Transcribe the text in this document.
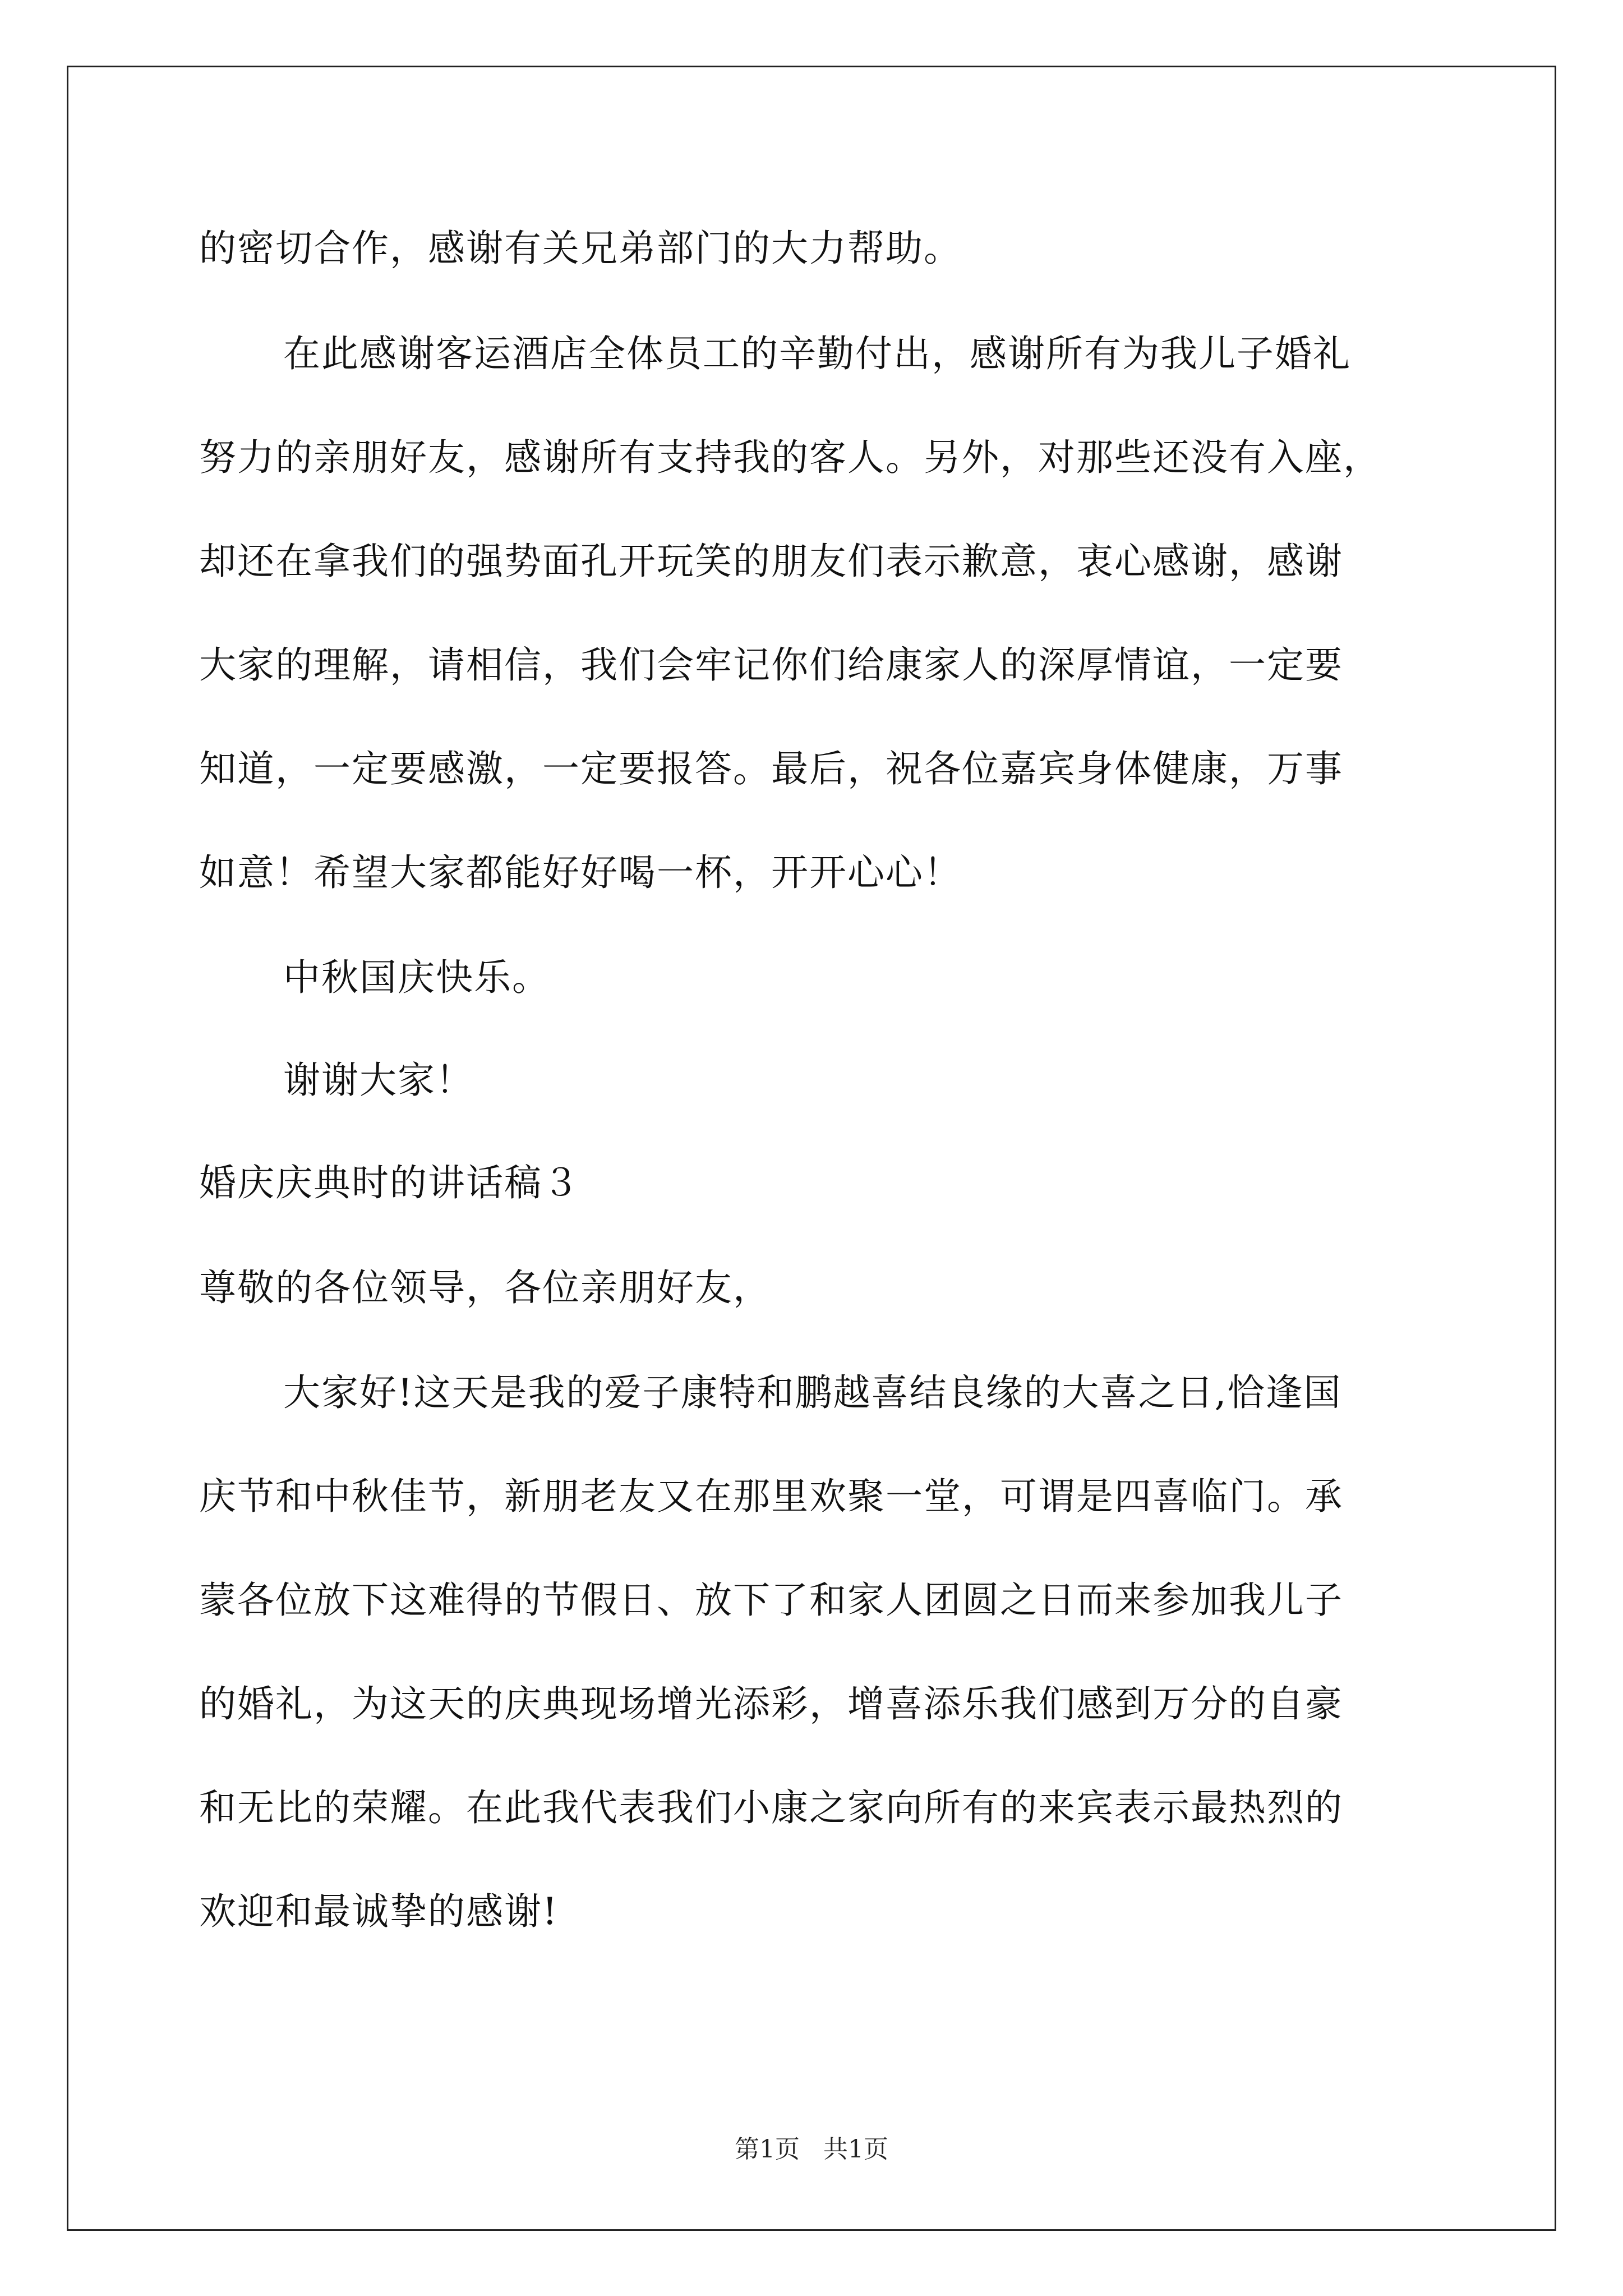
的密切合作，感谢有关兄弟部门的大力帮助。
在此感谢客运酒店全体员工的辛勤付出，感谢所有为我儿子婚礼
努力的亲朋好友，感谢所有支持我的客人。另外，对那些还没有入座，
却还在拿我们的强势面孔开玩笑的朋友们表示歉意，衷心感谢，感谢
大家的理解，请相信，我们会牢记你们给康家人的深厚情谊，一定要
知道，一定要感激，一定要报答。最后，祝各位嘉宾身体健康，万事
如意！希望大家都能好好喝一杯，开开心心！
中秋国庆快乐。
谢谢大家！
婚庆庆典时的讲话稿３
尊敬的各位领导，各位亲朋好友，
大家好!这天是我的爱子康特和鹏越喜结良缘的大喜之日,恰逢国
庆节和中秋佳节，新朋老友又在那里欢聚一堂，可谓是四喜临门。承
蒙各位放下这难得的节假日、放下了和家人团圆之日而来参加我儿子
的婚礼，为这天的庆典现场增光添彩，增喜添乐我们感到万分的自豪
和无比的荣耀。在此我代表我们小康之家向所有的来宾表示最热烈的
欢迎和最诚挚的感谢!
第1页   共1页
